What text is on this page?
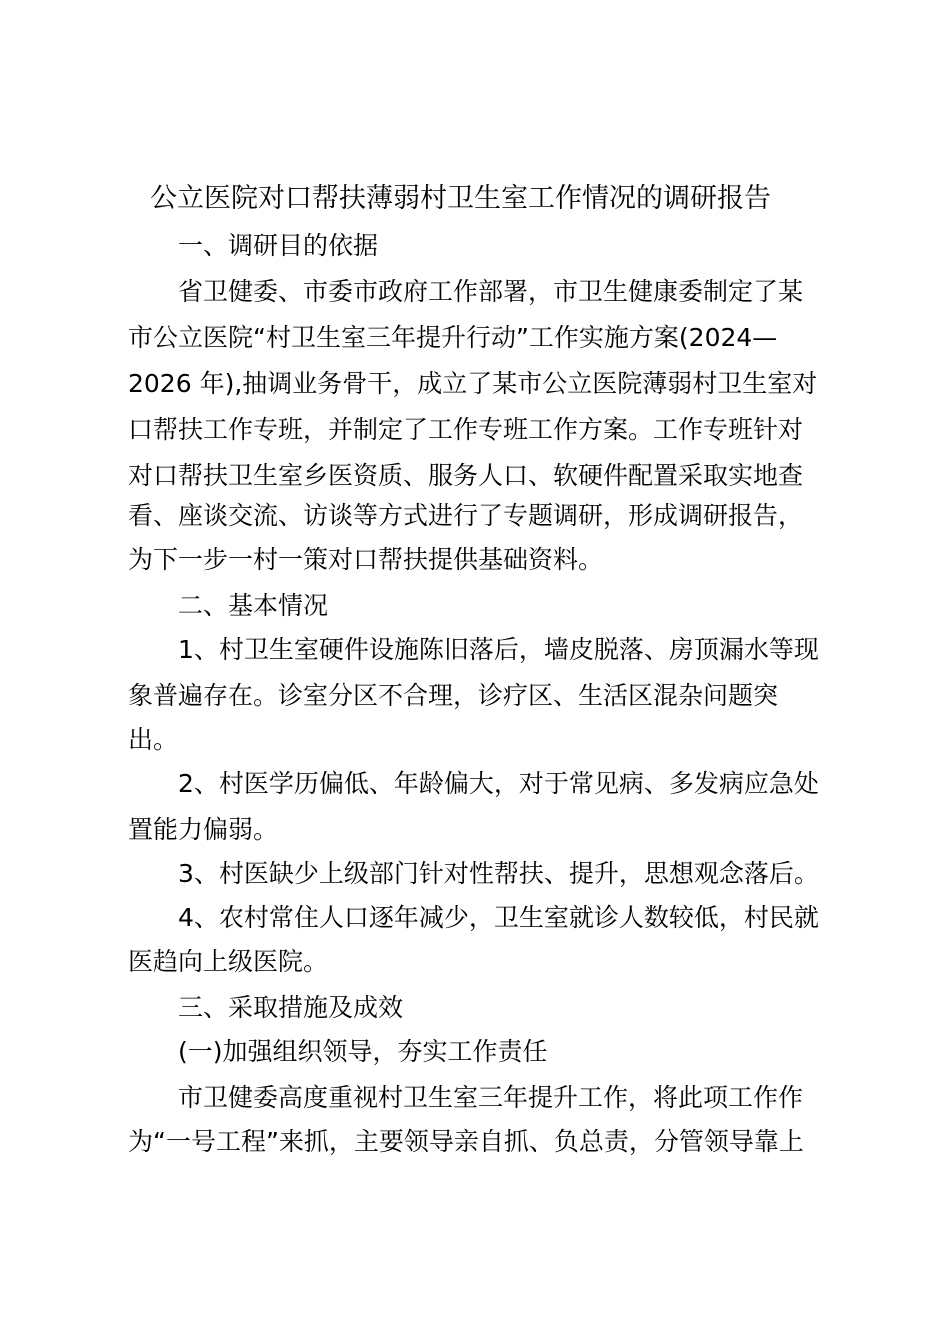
公立医院对口帮扶薄弱村卫生室工作情况的调研报告

一、调研目的依据

省卫健委、市委市政府工作部署，市卫生健康委制定了某

市公立医院“村卫生室三年提升行动”工作实施方案(2024—

2026 年),抽调业务骨干，成立了某市公立医院薄弱村卫生室对

口帮扶工作专班，并制定了工作专班工作方案。工作专班针对

对口帮扶卫生室乡医资质、服务人口、软硬件配置采取实地查

看、座谈交流、访谈等方式进行了专题调研，形成调研报告，

为下一步一村一策对口帮扶提供基础资料。

二、基本情况

1、村卫生室硬件设施陈旧落后，墙皮脱落、房顶漏水等现

象普遍存在。诊室分区不合理，诊疗区、生活区混杂问题突

出。

2、村医学历偏低、年龄偏大，对于常见病、多发病应急处

置能力偏弱。

3、村医缺少上级部门针对性帮扶、提升，思想观念落后。

4、农村常住人口逐年减少，卫生室就诊人数较低，村民就

医趋向上级医院。

三、采取措施及成效

(一)加强组织领导，夯实工作责任

市卫健委高度重视村卫生室三年提升工作，将此项工作作

为“一号工程”来抓，主要领导亲自抓、负总责，分管领导靠上
